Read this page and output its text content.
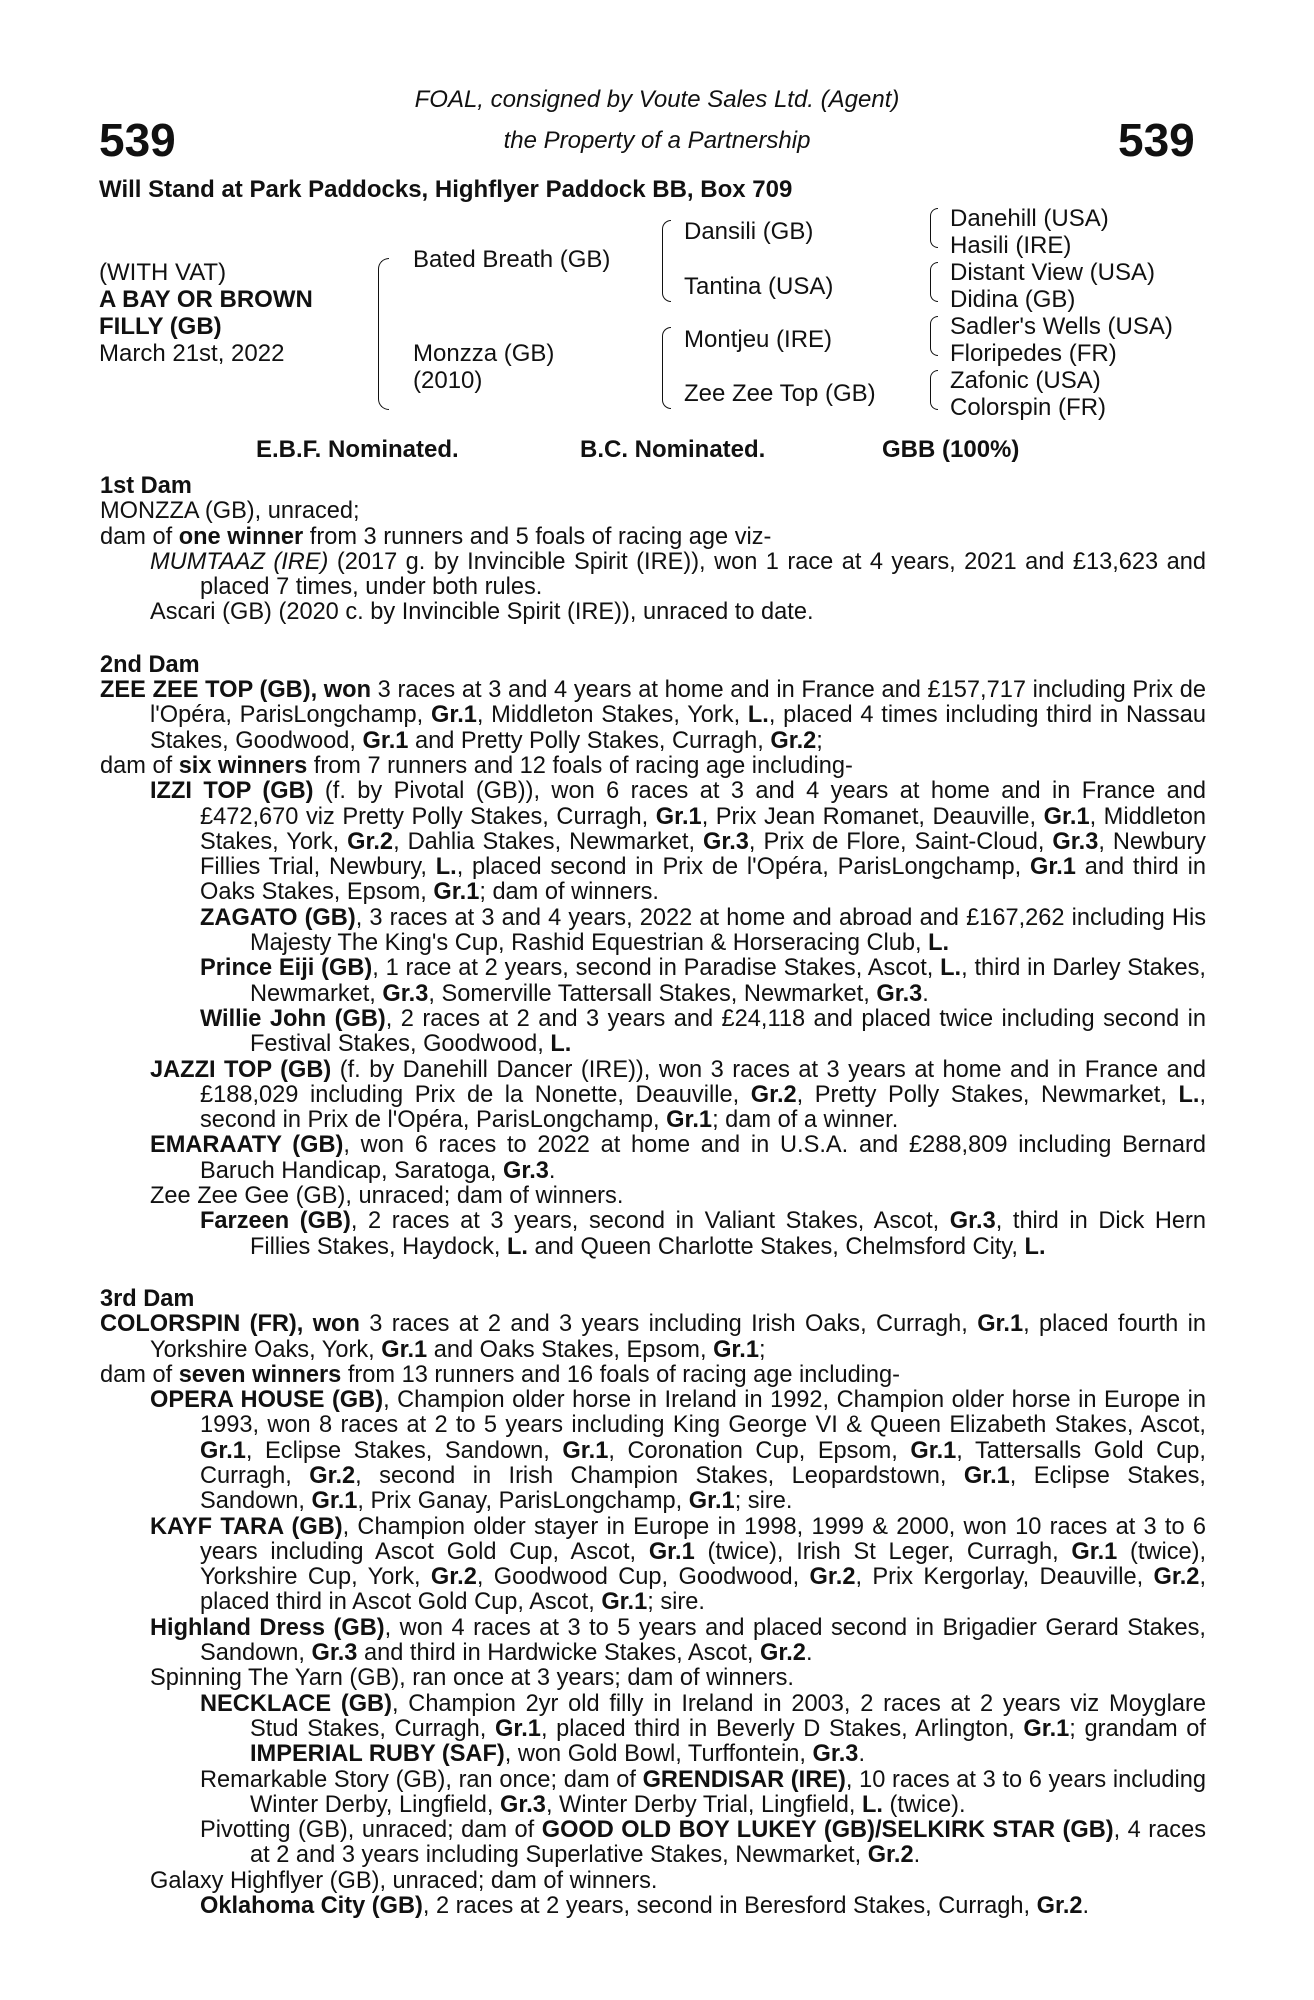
539	539
FOAL, consigned by Voute Sales Ltd. (Agent)
the Property of a Partnership
Will Stand at Park Paddocks, Highflyer Paddock BB, Box 709
(WITH VAT)
A BAY OR BROWN
FILLY (GB)
March 21st, 2022
Bated Breath (GB)
Monzza (GB)
(2010)
Dansili (GB)
Tantina (USA)
Montjeu (IRE)
Zee Zee Top (GB)
Danehill (USA)
Hasili (IRE)
Distant View (USA)
Didina (GB)
Sadler's Wells (USA)
Floripedes (FR)
Zafonic (USA)
Colorspin (FR)
E.B.F. Nominated.	B.C. Nominated.	GBB (100%)
1st Dam
MONZZA (GB), unraced;
dam of one winner from 3 runners and 5 foals of racing age viz-
MUMTAAZ (IRE) (2017 g. by Invincible Spirit (IRE)), won 1 race at 4 years, 2021 and £13,623 and placed 7 times, under both rules.
Ascari (GB) (2020 c. by Invincible Spirit (IRE)), unraced to date.
2nd Dam
ZEE ZEE TOP (GB), won 3 races at 3 and 4 years at home and in France and £157,717 including Prix de l'Opéra, ParisLongchamp, Gr.1, Middleton Stakes, York, L., placed 4 times including third in Nassau Stakes, Goodwood, Gr.1 and Pretty Polly Stakes, Curragh, Gr.2;
dam of six winners from 7 runners and 12 foals of racing age including-
IZZI TOP (GB) (f. by Pivotal (GB)), won 6 races at 3 and 4 years at home and in France and £472,670 viz Pretty Polly Stakes, Curragh, Gr.1, Prix Jean Romanet, Deauville, Gr.1, Middleton Stakes, York, Gr.2, Dahlia Stakes, Newmarket, Gr.3, Prix de Flore, Saint-Cloud, Gr.3, Newbury Fillies Trial, Newbury, L., placed second in Prix de l'Opéra, ParisLongchamp, Gr.1 and third in Oaks Stakes, Epsom, Gr.1; dam of winners.
ZAGATO (GB), 3 races at 3 and 4 years, 2022 at home and abroad and £167,262 including His Majesty The King's Cup, Rashid Equestrian & Horseracing Club, L.
Prince Eiji (GB), 1 race at 2 years, second in Paradise Stakes, Ascot, L., third in Darley Stakes, Newmarket, Gr.3, Somerville Tattersall Stakes, Newmarket, Gr.3.
Willie John (GB), 2 races at 2 and 3 years and £24,118 and placed twice including second in Festival Stakes, Goodwood, L.
JAZZI TOP (GB) (f. by Danehill Dancer (IRE)), won 3 races at 3 years at home and in France and £188,029 including Prix de la Nonette, Deauville, Gr.2, Pretty Polly Stakes, Newmarket, L., second in Prix de l'Opéra, ParisLongchamp, Gr.1; dam of a winner.
EMARAATY (GB), won 6 races to 2022 at home and in U.S.A. and £288,809 including Bernard Baruch Handicap, Saratoga, Gr.3.
Zee Zee Gee (GB), unraced; dam of winners.
Farzeen (GB), 2 races at 3 years, second in Valiant Stakes, Ascot, Gr.3, third in Dick Hern Fillies Stakes, Haydock, L. and Queen Charlotte Stakes, Chelmsford City, L.
3rd Dam
COLORSPIN (FR), won 3 races at 2 and 3 years including Irish Oaks, Curragh, Gr.1, placed fourth in Yorkshire Oaks, York, Gr.1 and Oaks Stakes, Epsom, Gr.1;
dam of seven winners from 13 runners and 16 foals of racing age including-
OPERA HOUSE (GB), Champion older horse in Ireland in 1992, Champion older horse in Europe in 1993, won 8 races at 2 to 5 years including King George VI & Queen Elizabeth Stakes, Ascot, Gr.1, Eclipse Stakes, Sandown, Gr.1, Coronation Cup, Epsom, Gr.1, Tattersalls Gold Cup, Curragh, Gr.2, second in Irish Champion Stakes, Leopardstown, Gr.1, Eclipse Stakes, Sandown, Gr.1, Prix Ganay, ParisLongchamp, Gr.1; sire.
KAYF TARA (GB), Champion older stayer in Europe in 1998, 1999 & 2000, won 10 races at 3 to 6 years including Ascot Gold Cup, Ascot, Gr.1 (twice), Irish St Leger, Curragh, Gr.1 (twice), Yorkshire Cup, York, Gr.2, Goodwood Cup, Goodwood, Gr.2, Prix Kergorlay, Deauville, Gr.2, placed third in Ascot Gold Cup, Ascot, Gr.1; sire.
Highland Dress (GB), won 4 races at 3 to 5 years and placed second in Brigadier Gerard Stakes, Sandown, Gr.3 and third in Hardwicke Stakes, Ascot, Gr.2.
Spinning The Yarn (GB), ran once at 3 years; dam of winners.
NECKLACE (GB), Champion 2yr old filly in Ireland in 2003, 2 races at 2 years viz Moyglare Stud Stakes, Curragh, Gr.1, placed third in Beverly D Stakes, Arlington, Gr.1; grandam of IMPERIAL RUBY (SAF), won Gold Bowl, Turffontein, Gr.3.
Remarkable Story (GB), ran once; dam of GRENDISAR (IRE), 10 races at 3 to 6 years including Winter Derby, Lingfield, Gr.3, Winter Derby Trial, Lingfield, L. (twice).
Pivotting (GB), unraced; dam of GOOD OLD BOY LUKEY (GB)/SELKIRK STAR (GB), 4 races at 2 and 3 years including Superlative Stakes, Newmarket, Gr.2.
Galaxy Highflyer (GB), unraced; dam of winners.
Oklahoma City (GB), 2 races at 2 years, second in Beresford Stakes, Curragh, Gr.2.
